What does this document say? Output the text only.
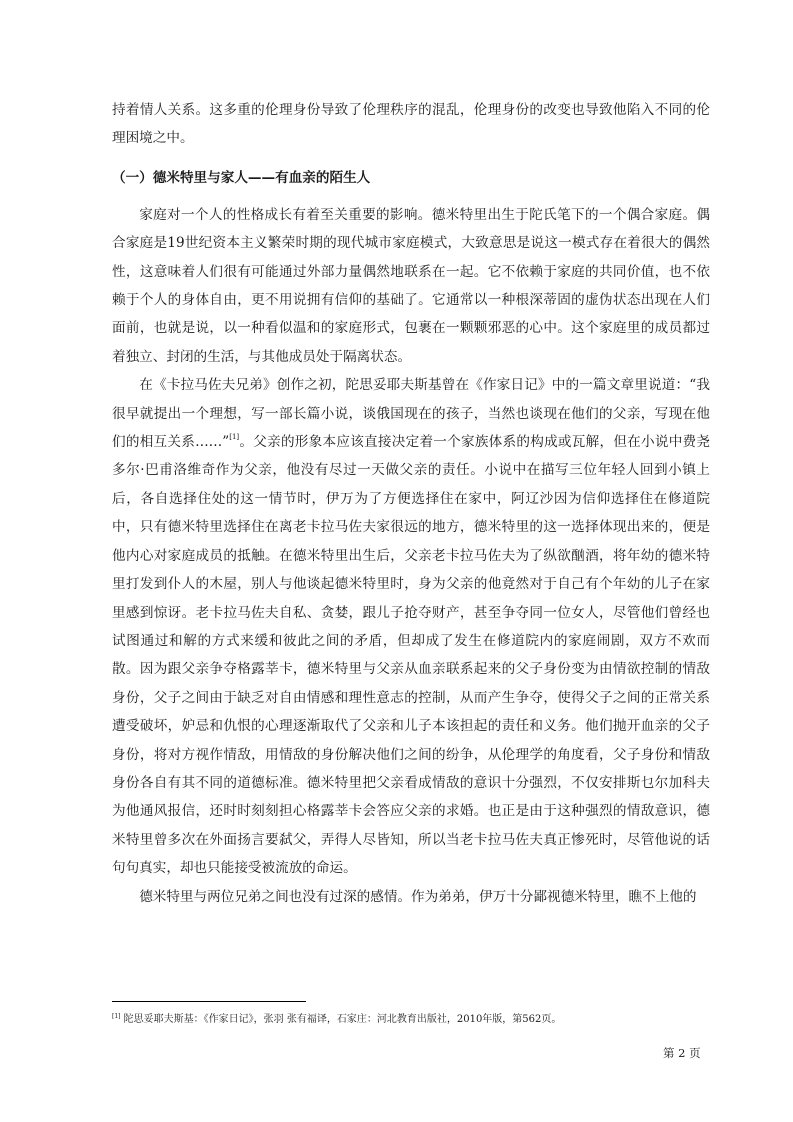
持着情人关系。这多重的伦理身份导致了伦理秩序的混乱，伦理身份的改变也导致他陷入不同的伦理困境之中。

（一）德米特里与家人——有血亲的陌生人

家庭对一个人的性格成长有着至关重要的影响。德米特里出生于陀氏笔下的一个偶合家庭。偶合家庭是19世纪资本主义繁荣时期的现代城市家庭模式，大致意思是说这一模式存在着很大的偶然性，这意味着人们很有可能通过外部力量偶然地联系在一起。它不依赖于家庭的共同价值，也不依赖于个人的身体自由，更不用说拥有信仰的基础了。它通常以一种根深蒂固的虚伪状态出现在人们面前，也就是说，以一种看似温和的家庭形式，包裹在一颗颗邪恶的心中。这个家庭里的成员都过着独立、封闭的生活，与其他成员处于隔离状态。

在《卡拉马佐夫兄弟》创作之初，陀思妥耶夫斯基曾在《作家日记》中的一篇文章里说道：“我很早就提出一个理想，写一部长篇小说，谈俄国现在的孩子，当然也谈现在他们的父亲，写现在他们的相互关系……”[1]。父亲的形象本应该直接决定着一个家族体系的构成或瓦解，但在小说中费尧多尔·巴甫洛维奇作为父亲，他没有尽过一天做父亲的责任。小说中在描写三位年轻人回到小镇上后，各自选择住处的这一情节时，伊万为了方便选择住在家中，阿辽沙因为信仰选择住在修道院中，只有德米特里选择住在离老卡拉马佐夫家很远的地方，德米特里的这一选择体现出来的，便是他内心对家庭成员的抵触。在德米特里出生后，父亲老卡拉马佐夫为了纵欲酗酒，将年幼的德米特里打发到仆人的木屋，别人与他谈起德米特里时，身为父亲的他竟然对于自己有个年幼的儿子在家里感到惊讶。老卡拉马佐夫自私、贪婪，跟儿子抢夺财产，甚至争夺同一位女人，尽管他们曾经也试图通过和解的方式来缓和彼此之间的矛盾，但却成了发生在修道院内的家庭闹剧，双方不欢而散。因为跟父亲争夺格露莘卡，德米特里与父亲从血亲联系起来的父子身份变为由情欲控制的情敌身份，父子之间由于缺乏对自由情感和理性意志的控制，从而产生争夺，使得父子之间的正常关系遭受破坏，妒忌和仇恨的心理逐渐取代了父亲和儿子本该担起的责任和义务。他们抛开血亲的父子身份，将对方视作情敌，用情敌的身份解决他们之间的纷争，从伦理学的角度看，父子身份和情敌身份各自有其不同的道德标准。德米特里把父亲看成情敌的意识十分强烈，不仅安排斯乜尔加科夫为他通风报信，还时时刻刻担心格露莘卡会答应父亲的求婚。也正是由于这种强烈的情敌意识，德米特里曾多次在外面扬言要弑父，弄得人尽皆知，所以当老卡拉马佐夫真正惨死时，尽管他说的话句句真实，却也只能接受被流放的命运。

德米特里与两位兄弟之间也没有过深的感情。作为弟弟，伊万十分鄙视德米特里，瞧不上他的

[1] 陀思妥耶夫斯基：《作家日记》，张羽 张有福译，石家庄：河北教育出版社，2010年版，第562页。
第 2 页
